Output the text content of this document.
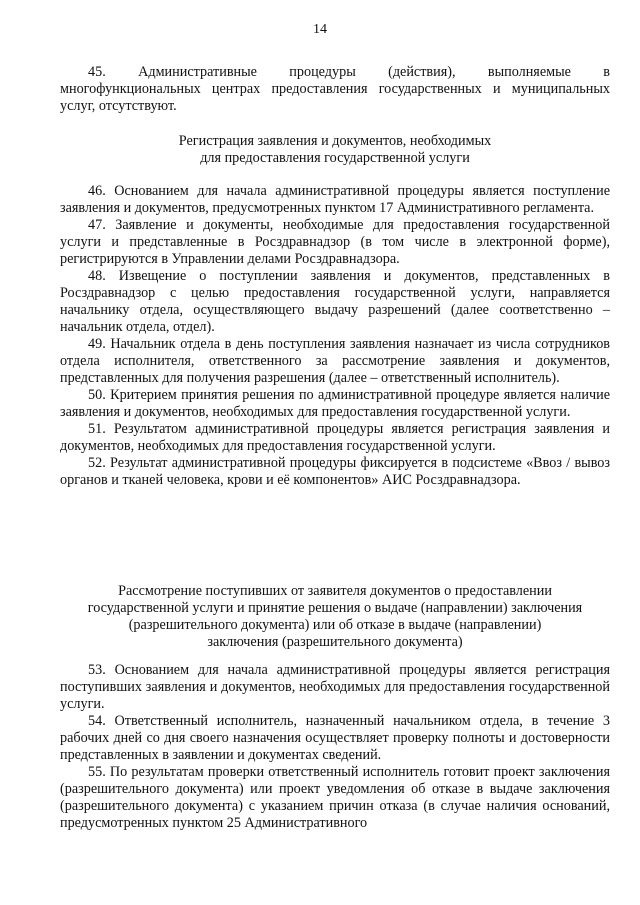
14

45. Административные процедуры (действия), выполняемые в многофункциональных центрах предоставления государственных и муниципальных услуг, отсутствуют.

Регистрация заявления и документов, необходимых

для предоставления государственной услуги

46. Основанием для начала административной процедуры является поступление заявления и документов, предусмотренных пунктом 17 Административного регламента.

47. Заявление и документы, необходимые для предоставления государственной услуги и представленные в Росздравнадзор (в том числе в электронной форме), регистрируются в Управлении делами Росздравнадзора.

48. Извещение о поступлении заявления и документов, представленных в Росздравнадзор с целью предоставления государственной услуги, направляется начальнику отдела, осуществляющего выдачу разрешений (далее соответственно – начальник отдела, отдел).

49. Начальник отдела в день поступления заявления назначает из числа сотрудников отдела исполнителя, ответственного за рассмотрение заявления и документов, представленных для получения разрешения (далее – ответственный исполнитель).

50. Критерием принятия решения по административной процедуре является наличие заявления и документов, необходимых для предоставления государственной услуги.

51. Результатом административной процедуры является регистрация заявления и документов, необходимых для предоставления государственной услуги.

52. Результат административной процедуры фиксируется в подсистеме «Ввоз / вывоз органов и тканей человека, крови и её компонентов» АИС Росздравнадзора.

Рассмотрение поступивших от заявителя документов о предоставлении

государственной услуги и принятие решения о выдаче (направлении) заключения

(разрешительного документа) или об отказе в выдаче (направлении)

заключения (разрешительного документа)

53. Основанием для начала административной процедуры является регистрация поступивших заявления и документов, необходимых для предоставления государственной услуги.

54. Ответственный исполнитель, назначенный начальником отдела, в течение 3 рабочих дней со дня своего назначения осуществляет проверку полноты и достоверности представленных в заявлении и документах сведений.

55. По результатам проверки ответственный исполнитель готовит проект заключения (разрешительного документа) или проект уведомления об отказе в выдаче заключения (разрешительного документа) с указанием причин отказа (в случае наличия оснований, предусмотренных пунктом 25 Административного
